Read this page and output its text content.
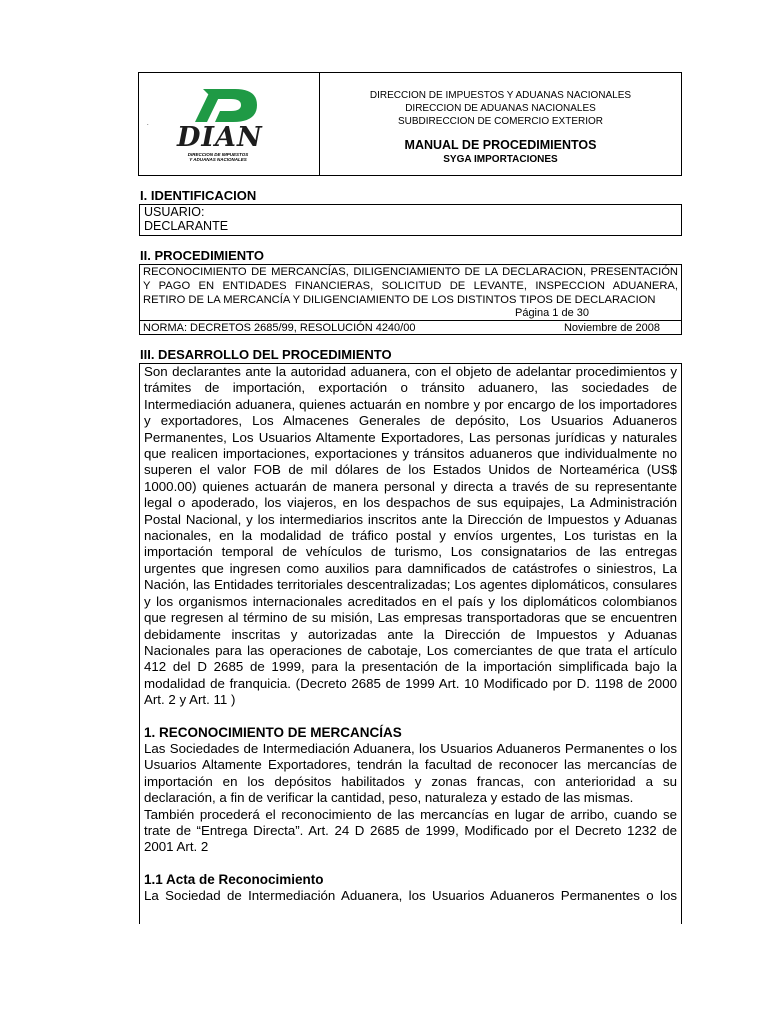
DIAN
DIRECCION DE IMPUESTOS
Y ADUANAS NACIONALES
.
DIRECCION DE IMPUESTOS Y ADUANAS NACIONALES
DIRECCION DE ADUANAS NACIONALES
SUBDIRECCION DE COMERCIO EXTERIOR
MANUAL DE PROCEDIMIENTOS
SYGA IMPORTACIONES
I. IDENTIFICACION
USUARIO:
DECLARANTE
II. PROCEDIMIENTO
RECONOCIMIENTO DE MERCANCÍAS, DILIGENCIAMIENTO DE LA DECLARACION, PRESENTACIÓN
Y PAGO EN ENTIDADES FINANCIERAS, SOLICITUD DE LEVANTE, INSPECCION ADUANERA,
RETIRO DE LA MERCANCÍA Y DILIGENCIAMIENTO DE LOS DISTINTOS TIPOS DE DECLARACION
Página 1 de 30
NORMA: DECRETOS 2685/99, RESOLUCIÓN 4240/00	Noviembre de 2008
III. DESARROLLO DEL PROCEDIMIENTO
Son declarantes ante la autoridad aduanera, con el objeto de adelantar procedimientos y trámites de importación, exportación o tránsito aduanero, las sociedades de Intermediación aduanera, quienes actuarán en nombre y por encargo de los importadores y exportadores, Los Almacenes Generales de depósito, Los Usuarios Aduaneros Permanentes, Los Usuarios Altamente Exportadores, Las personas jurídicas y naturales que realicen importaciones, exportaciones y tránsitos aduaneros que individualmente no superen el valor FOB de mil dólares de los Estados Unidos de Norteamérica (US$ 1000.00) quienes actuarán de manera personal y directa a través de su representante legal o apoderado, los viajeros, en los despachos de sus equipajes, La Administración Postal Nacional, y los intermediarios inscritos ante la Dirección de Impuestos y Aduanas nacionales, en la modalidad de tráfico postal y envíos urgentes, Los turistas en la importación temporal de vehículos de turismo, Los consignatarios de las entregas urgentes que ingresen como auxilios para damnificados de catástrofes o siniestros, La Nación, las Entidades territoriales descentralizadas; Los agentes diplomáticos, consulares y los organismos internacionales acreditados en el país y los diplomáticos colombianos que regresen al término de su misión, Las empresas transportadoras que se encuentren debidamente inscritas y autorizadas ante la Dirección de Impuestos y Aduanas Nacionales para las operaciones de cabotaje, Los comerciantes de que trata el artículo 412 del D 2685 de 1999, para la presentación de la importación simplificada bajo la modalidad de franquicia. (Decreto 2685 de 1999 Art. 10 Modificado por D. 1198 de 2000 Art. 2 y Art. 11 )
1. RECONOCIMIENTO DE MERCANCÍAS
Las Sociedades de Intermediación Aduanera, los Usuarios Aduaneros Permanentes o los Usuarios Altamente Exportadores, tendrán la facultad de reconocer las mercancías de importación en los depósitos habilitados y zonas francas, con anterioridad a su declaración, a fin de verificar la cantidad, peso, naturaleza y estado de las mismas.
También procederá el reconocimiento de las mercancías en lugar de arribo, cuando se trate de “Entrega Directa”. Art. 24 D 2685 de 1999, Modificado por el Decreto 1232 de 2001 Art. 2
1.1 Acta de Reconocimiento
La Sociedad de Intermediación Aduanera, los Usuarios Aduaneros Permanentes o los
